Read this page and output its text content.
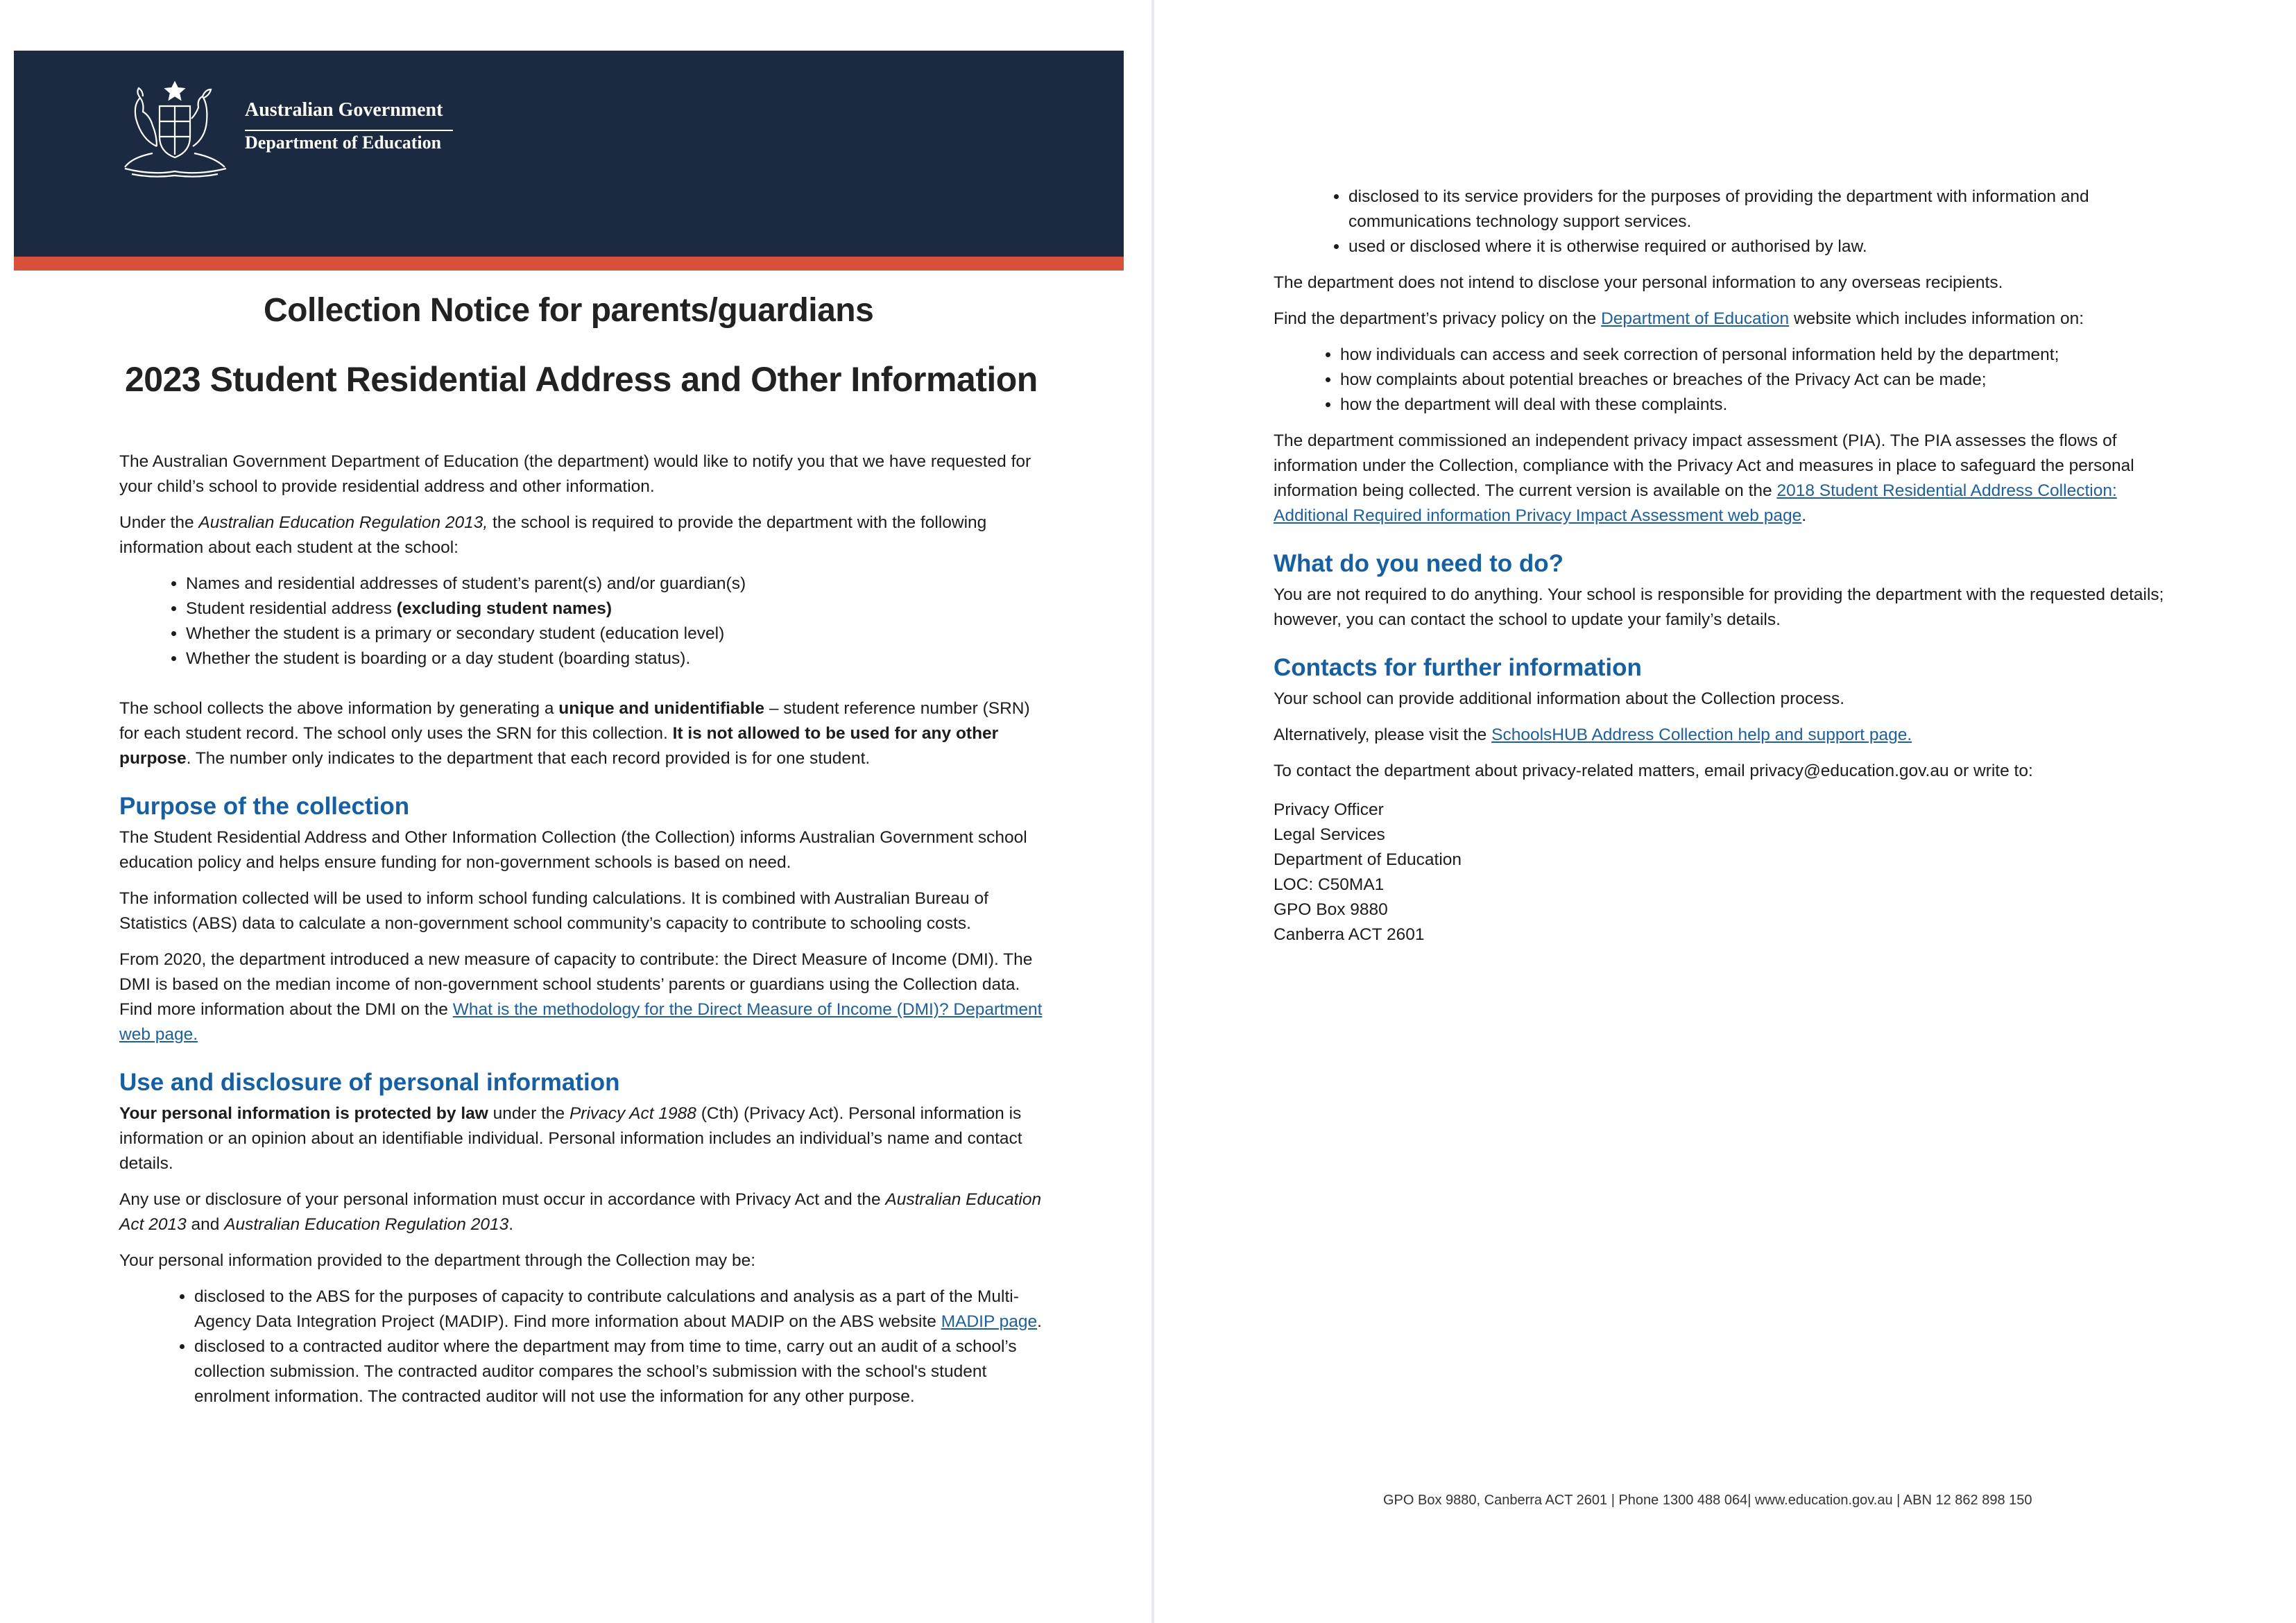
Australian Government
Department of Education
Collection Notice for parents/guardians
2023 Student Residential Address and Other Information

The Australian Government Department of Education (the department) would like to notify you that we have requested for your child’s school to provide residential address and other information.

Under the Australian Education Regulation 2013, the school is required to provide the department with the following information about each student at the school:

• Names and residential addresses of student’s parent(s) and/or guardian(s)
• Student residential address (excluding student names)
• Whether the student is a primary or secondary student (education level)
• Whether the student is boarding or a day student (boarding status).

The school collects the above information by generating a unique and unidentifiable – student reference number (SRN) for each student record. The school only uses the SRN for this collection. It is not allowed to be used for any other purpose. The number only indicates to the department that each record provided is for one student.

Purpose of the collection

The Student Residential Address and Other Information Collection (the Collection) informs Australian Government school education policy and helps ensure funding for non-government schools is based on need.

The information collected will be used to inform school funding calculations. It is combined with Australian Bureau of Statistics (ABS) data to calculate a non-government school community’s capacity to contribute to schooling costs.

From 2020, the department introduced a new measure of capacity to contribute: the Direct Measure of Income (DMI). The DMI is based on the median income of non-government school students’ parents or guardians using the Collection data. Find more information about the DMI on the What is the methodology for the Direct Measure of Income (DMI)? Department web page.

Use and disclosure of personal information

Your personal information is protected by law under the Privacy Act 1988 (Cth) (Privacy Act). Personal information is information or an opinion about an identifiable individual. Personal information includes an individual’s name and contact details.

Any use or disclosure of your personal information must occur in accordance with Privacy Act and the Australian Education Act 2013 and Australian Education Regulation 2013.

Your personal information provided to the department through the Collection may be:

• disclosed to the ABS for the purposes of capacity to contribute calculations and analysis as a part of the Multi-Agency Data Integration Project (MADIP). Find more information about MADIP on the ABS website MADIP page.
• disclosed to a contracted auditor where the department may from time to time, carry out an audit of a school’s collection submission. The contracted auditor compares the school’s submission with the school's student enrolment information. The contracted auditor will not use the information for any other purpose.
• disclosed to its service providers for the purposes of providing the department with information and communications technology support services.
• used or disclosed where it is otherwise required or authorised by law.

The department does not intend to disclose your personal information to any overseas recipients.

Find the department’s privacy policy on the Department of Education website which includes information on:

• how individuals can access and seek correction of personal information held by the department;
• how complaints about potential breaches or breaches of the Privacy Act can be made;
• how the department will deal with these complaints.

The department commissioned an independent privacy impact assessment (PIA). The PIA assesses the flows of information under the Collection, compliance with the Privacy Act and measures in place to safeguard the personal information being collected. The current version is available on the 2018 Student Residential Address Collection: Additional Required information Privacy Impact Assessment web page.

What do you need to do?

You are not required to do anything. Your school is responsible for providing the department with the requested details; however, you can contact the school to update your family’s details.

Contacts for further information

Your school can provide additional information about the Collection process.

Alternatively, please visit the SchoolsHUB Address Collection help and support page.

To contact the department about privacy-related matters, email privacy@education.gov.au or write to:

Privacy Officer
Legal Services
Department of Education
LOC: C50MA1
GPO Box 9880
Canberra ACT 2601
GPO Box 9880, Canberra ACT 2601 | Phone 1300 488 064| www.education.gov.au | ABN 12 862 898 150
